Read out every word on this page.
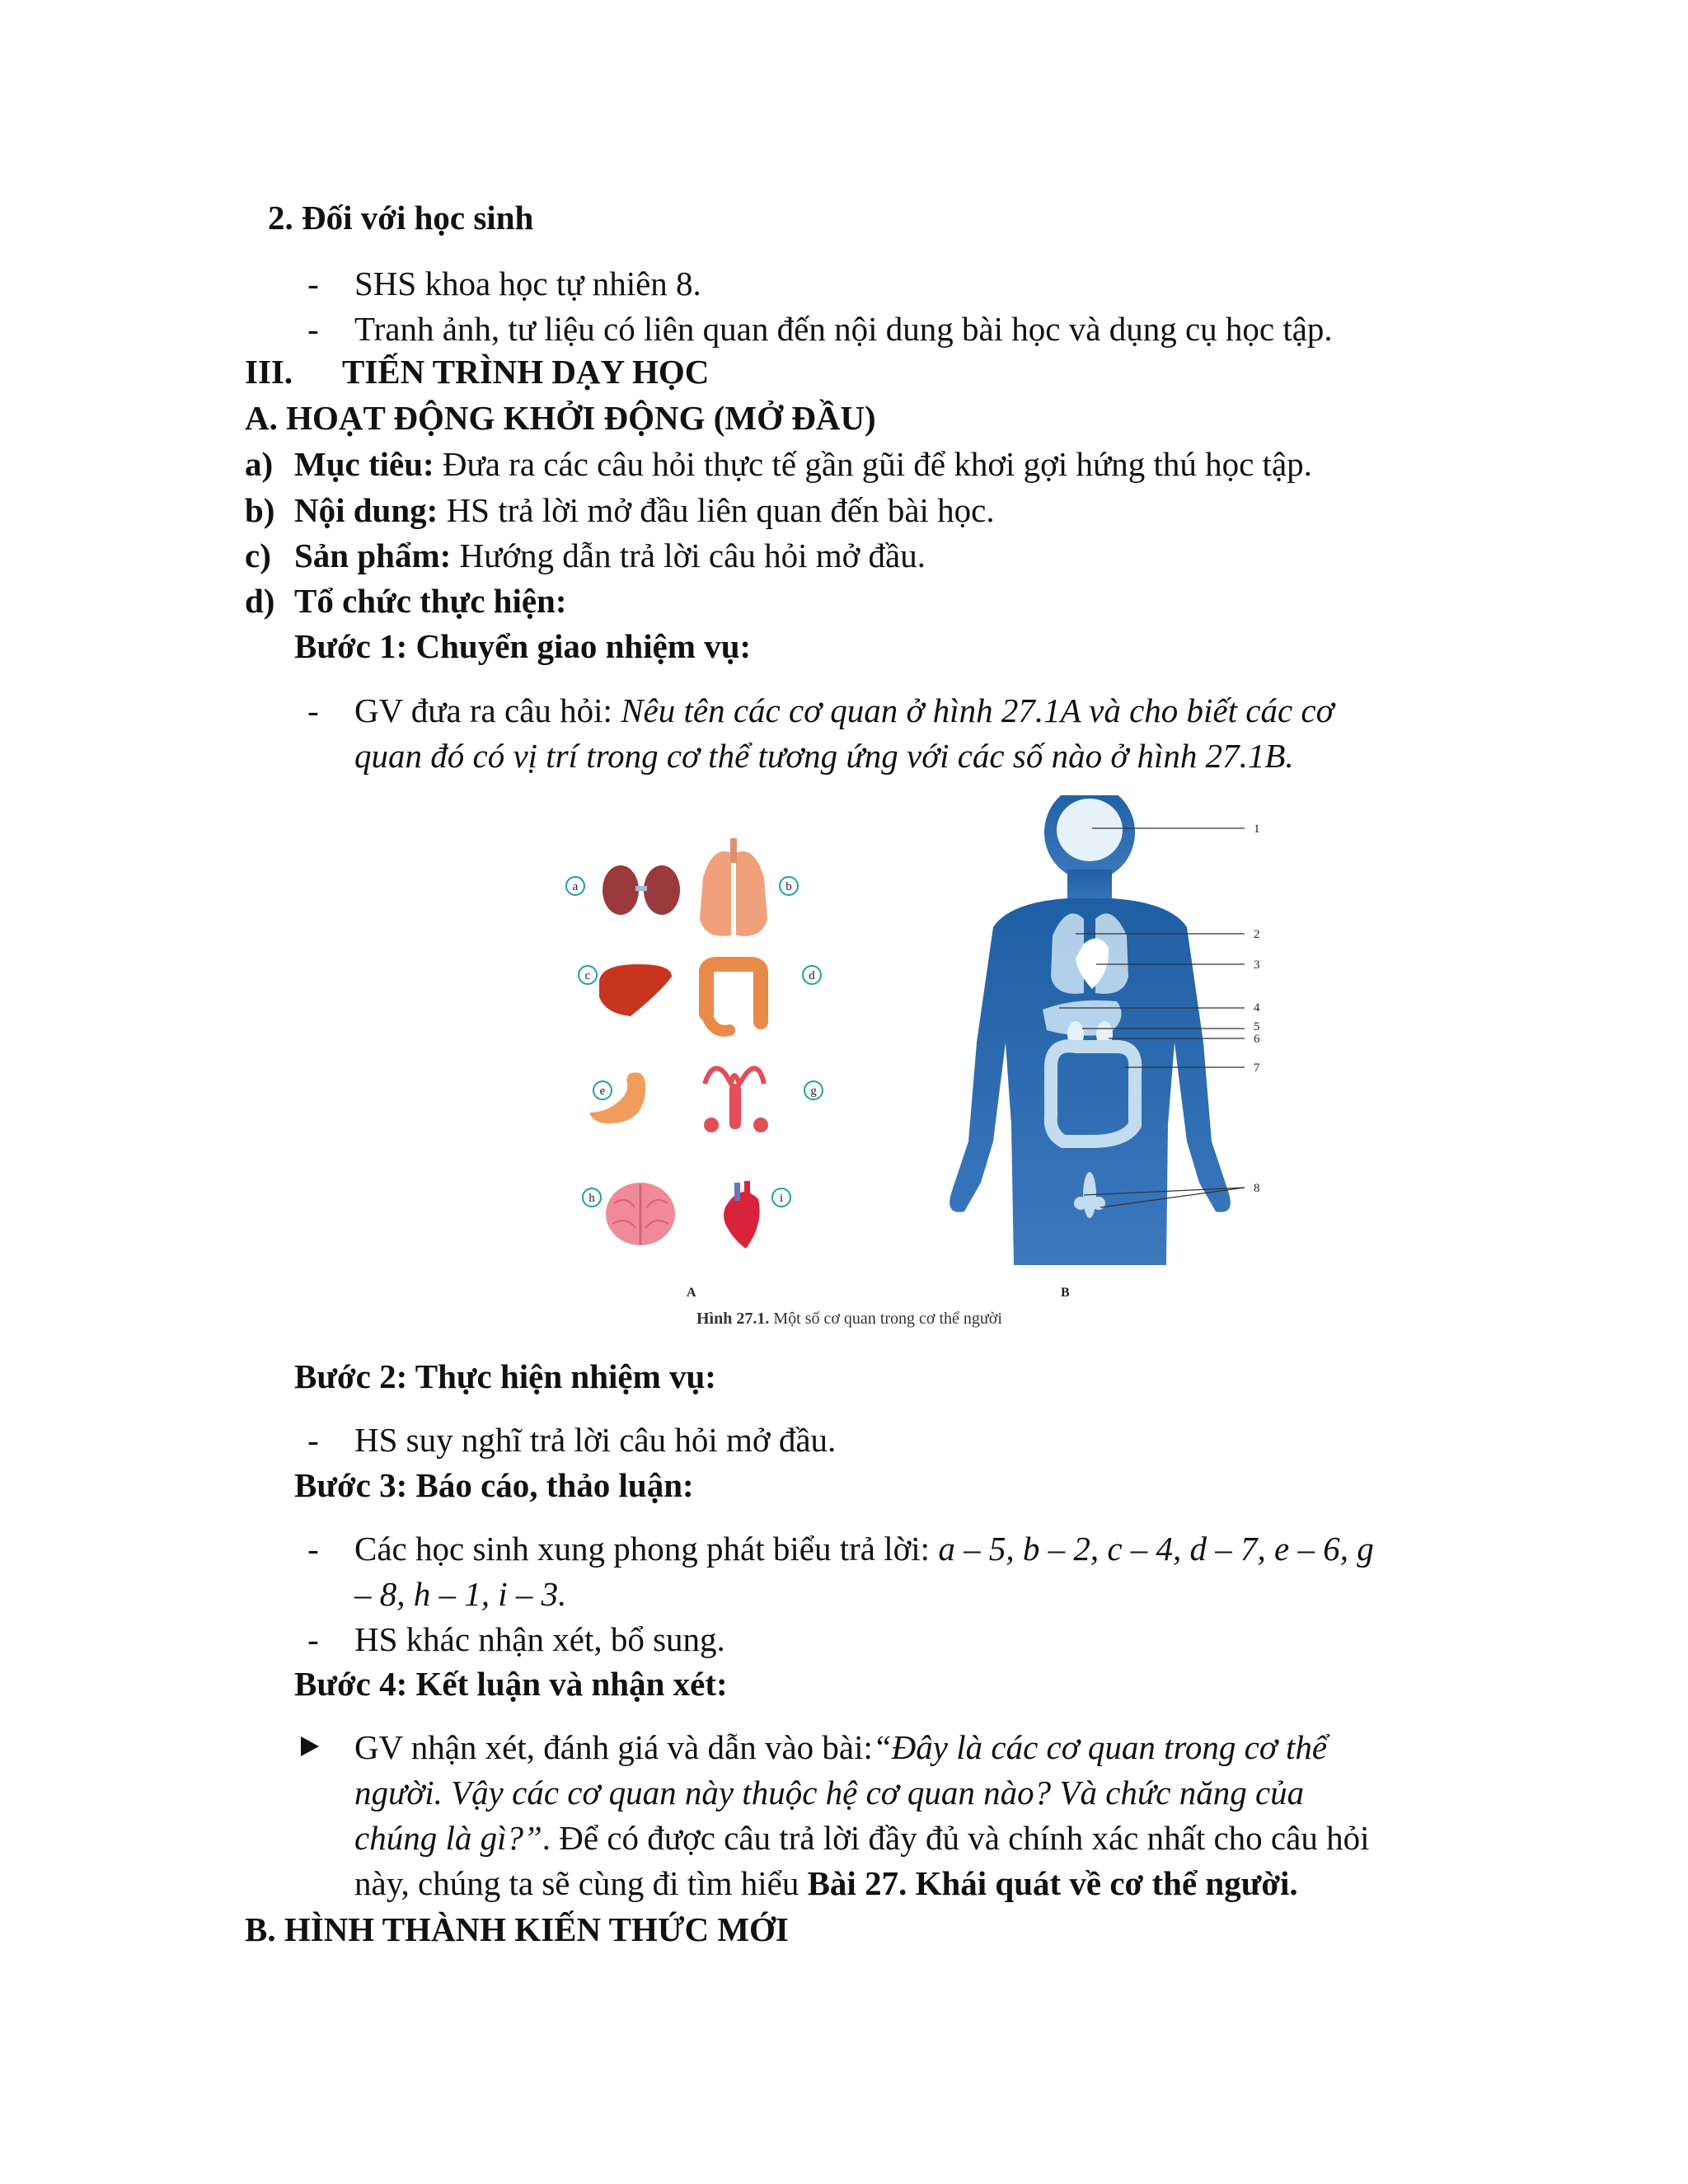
2. Đối với học sinh
- SHS khoa học tự nhiên 8.
- Tranh ảnh, tư liệu có liên quan đến nội dung bài học và dụng cụ học tập.
III. TIẾN TRÌNH DẠY HỌC
A. HOẠT ĐỘNG KHỞI ĐỘNG (MỞ ĐẦU)
a) Mục tiêu: Đưa ra các câu hỏi thực tế gần gũi để khơi gợi hứng thú học tập.
b) Nội dung: HS trả lời mở đầu liên quan đến bài học.
c) Sản phẩm: Hướng dẫn trả lời câu hỏi mở đầu.
d) Tổ chức thực hiện:
Bước 1: Chuyển giao nhiệm vụ:
- GV đưa ra câu hỏi: Nêu tên các cơ quan ở hình 27.1A và cho biết các cơ
quan đó có vị trí trong cơ thể tương ứng với các số nào ở hình 27.1B.
a	b
c	d
e	g
h	i
1
2
3
4
5
6
7
8
A	B
Hình 27.1. Một số cơ quan trong cơ thể người
Bước 2: Thực hiện nhiệm vụ:
- HS suy nghĩ trả lời câu hỏi mở đầu.
Bước 3: Báo cáo, thảo luận:
- Các học sinh xung phong phát biểu trả lời: a – 5, b – 2, c – 4, d – 7, e – 6, g
– 8, h – 1, i – 3.
- HS khác nhận xét, bổ sung.
Bước 4: Kết luận và nhận xét:
GV nhận xét, đánh giá và dẫn vào bài:“Đây là các cơ quan trong cơ thể
người. Vậy các cơ quan này thuộc hệ cơ quan nào? Và chức năng của
chúng là gì?”. Để có được câu trả lời đầy đủ và chính xác nhất cho câu hỏi
này, chúng ta sẽ cùng đi tìm hiểu Bài 27. Khái quát về cơ thể người.
B. HÌNH THÀNH KIẾN THỨC MỚI
